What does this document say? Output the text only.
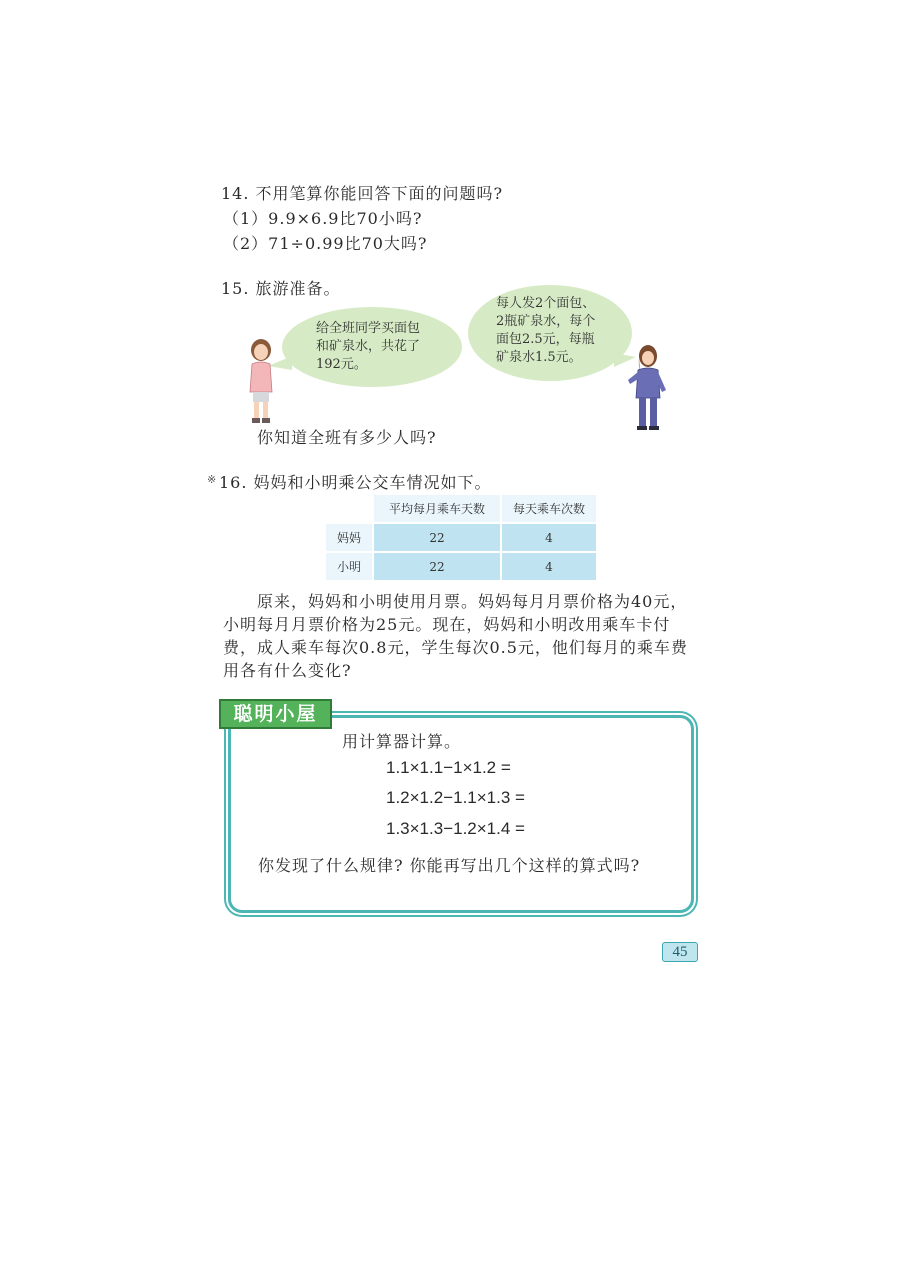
14. 不用笔算你能回答下面的问题吗?
（1）9.9×6.9比70小吗?
（2）71÷0.99比70大吗?
15. 旅游准备。
给全班同学买面包
和矿泉水，共花了
192元。
每人发2个面包、
2瓶矿泉水，每个
面包2.5元，每瓶
矿泉水1.5元。
你知道全班有多少人吗?
※ 16. 妈妈和小明乘公交车情况如下。
	平均每月乘车天数	每天乘车次数
妈妈	22	4
小明	22	4
原来，妈妈和小明使用月票。妈妈每月月票价格为40元，
小明每月月票价格为25元。现在，妈妈和小明改用乘车卡付
费，成人乘车每次0.8元，学生每次0.5元，他们每月的乘车费
用各有什么变化?
聪明小屋
用计算器计算。
1.1×1.1−1×1.2 =
1.2×1.2−1.1×1.3 =
1.3×1.3−1.2×1.4 =
你发现了什么规律? 你能再写出几个这样的算式吗?
45
